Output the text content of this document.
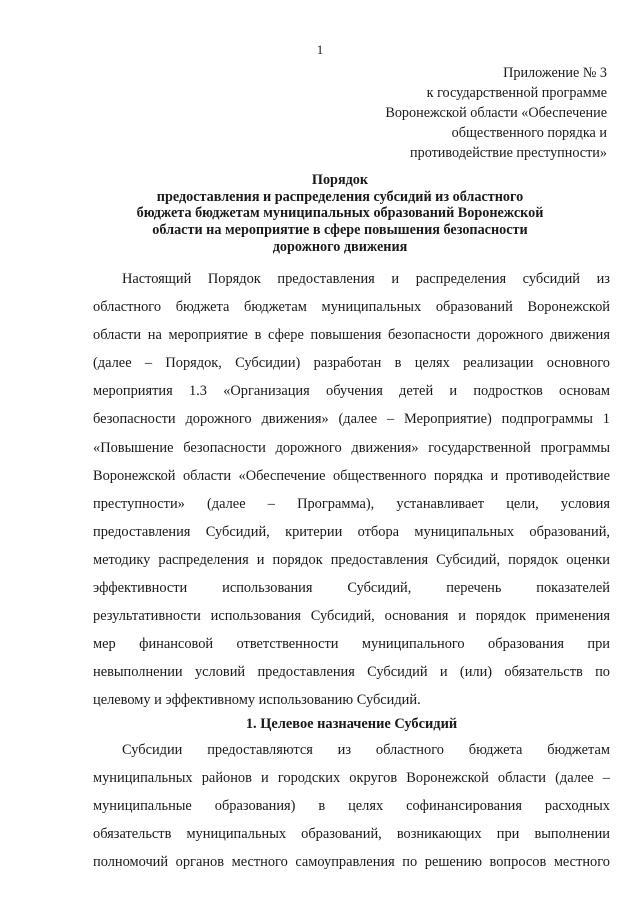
1
Приложение № 3
к государственной программе
Воронежской области «Обеспечение
общественного порядка и
противодействие преступности»
Порядок
предоставления и распределения субсидий из областного
бюджета бюджетам муниципальных образований Воронежской
области на мероприятие в сфере повышения безопасности
дорожного движения
Настоящий Порядок предоставления и распределения субсидий из
областного бюджета бюджетам муниципальных образований Воронежской
области на мероприятие в сфере повышения безопасности дорожного движения
(далее – Порядок, Субсидии) разработан в целях реализации основного
мероприятия 1.3 «Организация обучения детей и подростков основам
безопасности дорожного движения» (далее – Мероприятие) подпрограммы 1
«Повышение безопасности дорожного движения» государственной программы
Воронежской области «Обеспечение общественного порядка и противодействие
преступности» (далее – Программа), устанавливает цели, условия
предоставления Субсидий, критерии отбора муниципальных образований,
методику распределения и порядок предоставления Субсидий, порядок оценки
эффективности использования Субсидий, перечень показателей
результативности использования Субсидий, основания и порядок применения
мер финансовой ответственности муниципального образования при
невыполнении условий предоставления Субсидий и (или) обязательств по
целевому и эффективному использованию Субсидий.
1. Целевое назначение Субсидий
Субсидии предоставляются из областного бюджета бюджетам
муниципальных районов и городских округов Воронежской области (далее –
муниципальные образования) в целях софинансирования расходных
обязательств муниципальных образований, возникающих при выполнении
полномочий органов местного самоуправления по решению вопросов местного
